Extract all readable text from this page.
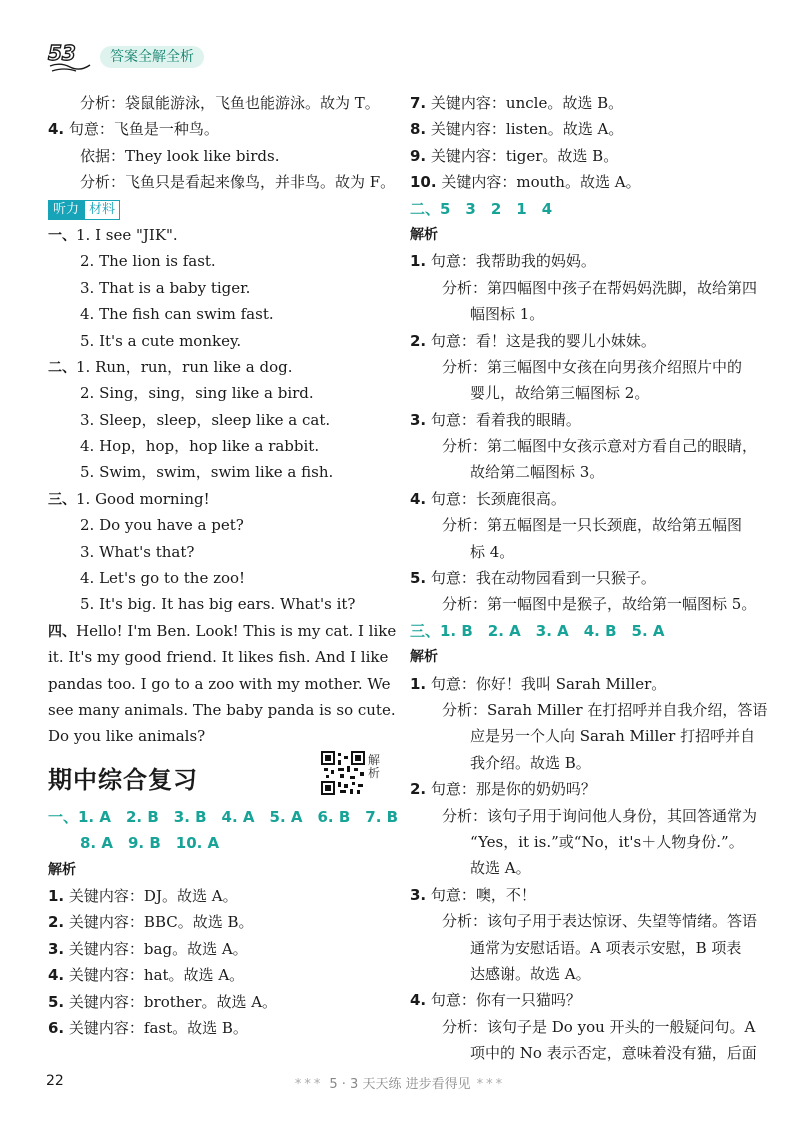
53	答案全解全析
分析：袋鼠能游泳，飞鱼也能游泳。故为 T。
4. 句意：飞鱼是一种鸟。
依据：They look like birds.
分析：飞鱼只是看起来像鸟，并非鸟。故为 F。
听力 材料
一、1. I see "JIK".
2. The lion is fast.
3. That is a baby tiger.
4. The fish can swim fast.
5. It's a cute monkey.
二、1. Run，run，run like a dog.
2. Sing，sing，sing like a bird.
3. Sleep，sleep，sleep like a cat.
4. Hop，hop，hop like a rabbit.
5. Swim，swim，swim like a fish.
三、1. Good morning!
2. Do you have a pet?
3. What's that?
4. Let's go to the zoo!
5. It's big. It has big ears. What's it?
四、Hello! I'm Ben. Look! This is my cat. I like
it. It's my good friend. It likes fish. And I like
pandas too. I go to a zoo with my mother. We
see many animals. The baby panda is so cute.
Do you like animals?
期中综合复习
解析
一、1. A　2. B　3. B　4. A　5. A　6. B　7. B
8. A　9. B　10. A
解析
1. 关键内容：DJ。故选 A。
2. 关键内容：BBC。故选 B。
3. 关键内容：bag。故选 A。
4. 关键内容：hat。故选 A。
5. 关键内容：brother。故选 A。
6. 关键内容：fast。故选 B。
7. 关键内容：uncle。故选 B。
8. 关键内容：listen。故选 A。
9. 关键内容：tiger。故选 B。
10. 关键内容：mouth。故选 A。
二、5　3　2　1　4
解析
1. 句意：我帮助我的妈妈。
分析：第四幅图中孩子在帮妈妈洗脚，故给第四
幅图标 1。
2. 句意：看！这是我的婴儿小妹妹。
分析：第三幅图中女孩在向男孩介绍照片中的
婴儿，故给第三幅图标 2。
3. 句意：看着我的眼睛。
分析：第二幅图中女孩示意对方看自己的眼睛，
故给第二幅图标 3。
4. 句意：长颈鹿很高。
分析：第五幅图是一只长颈鹿，故给第五幅图
标 4。
5. 句意：我在动物园看到一只猴子。
分析：第一幅图中是猴子，故给第一幅图标 5。
三、1. B　2. A　3. A　4. B　5. A
解析
1. 句意：你好！我叫 Sarah Miller。
分析：Sarah Miller 在打招呼并自我介绍，答语
应是另一个人向 Sarah Miller 打招呼并自
我介绍。故选 B。
2. 句意：那是你的奶奶吗？
分析：该句子用于询问他人身份，其回答通常为
“Yes，it is.”或“No，it's＋人物身份.”。
故选 A。
3. 句意：噢，不！
分析：该句子用于表达惊讶、失望等情绪。答语
通常为安慰话语。A 项表示安慰，B 项表
达感谢。故选 A。
4. 句意：你有一只猫吗？
分析：该句子是 Do you 开头的一般疑问句。A
项中的 No 表示否定，意味着没有猫，后面
22	*** 5 · 3 天天练 进步看得见 ***
